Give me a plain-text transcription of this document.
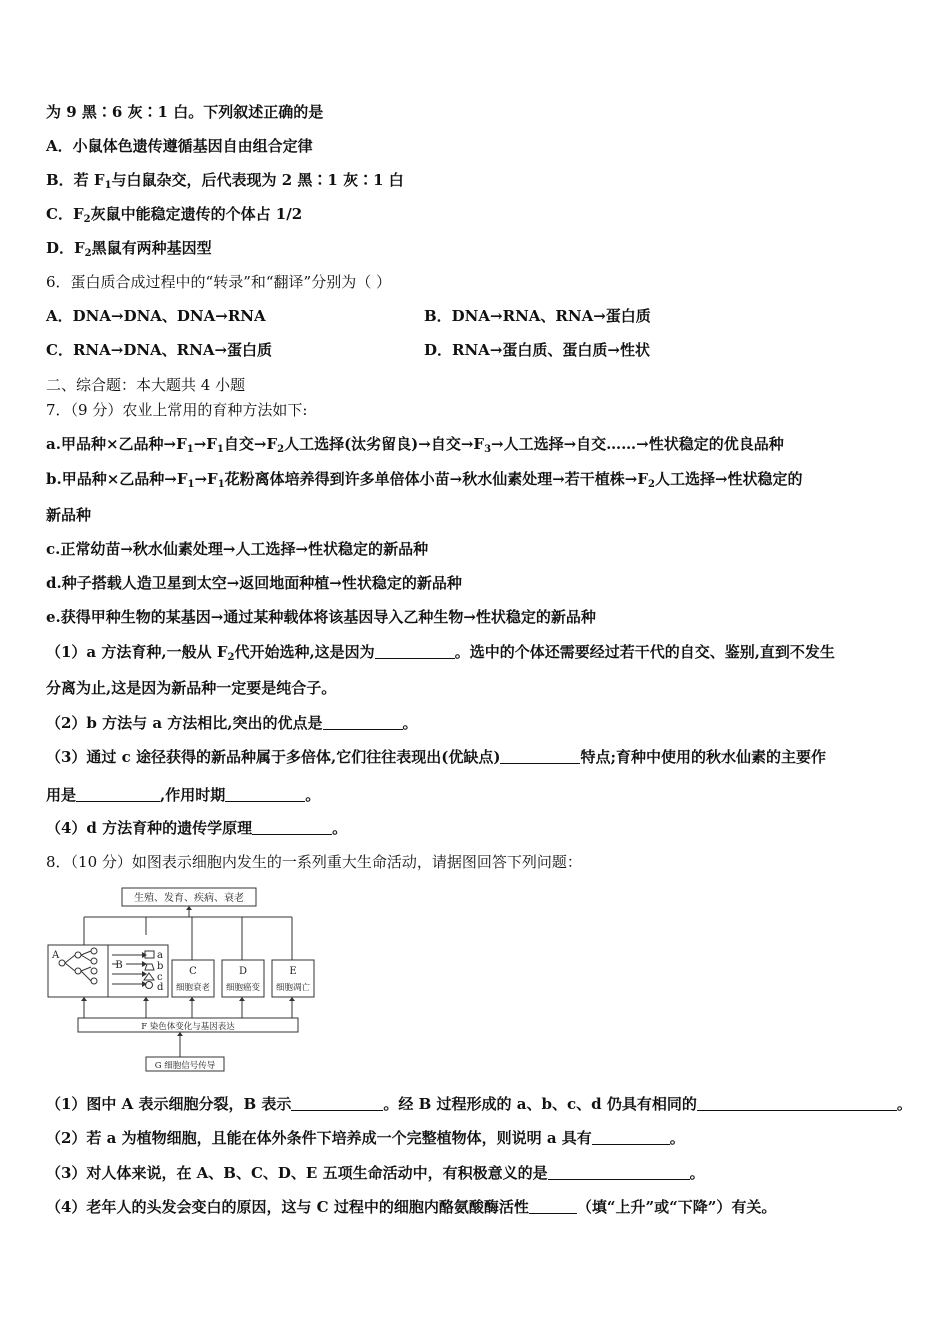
为 9 黑∶6 灰∶1 白。下列叙述正确的是
A．小鼠体色遗传遵循基因自由组合定律
B．若 $F_1$与白鼠杂交，后代表现为 2 黑∶1 灰∶1 白
C．$F_2$灰鼠中能稳定遗传的个体占 1/2
D．$F_2$黑鼠有两种基因型
6．蛋白质合成过程中的“转录”和“翻译”分别为（ ）
A．DNA→DNA、DNA→RNA	B．DNA→RNA、RNA→蛋白质
C．RNA→DNA、RNA→蛋白质	D．RNA→蛋白质、蛋白质→性状
二、综合题：本大题共 4 小题
7．（9 分）农业上常用的育种方法如下:
a.甲品种×乙品种$\to F_1\to F_1$自交$\to F_2$人工选择(汰劣留良)→自交$\to F_3\to$人工选择→自交……→性状稳定的优良品种
b.甲品种×乙品种$\to F_1\to F_1$花粉离体培养得到许多单倍体小苗→秋水仙素处理→若干植株$\to F_2$人工选择→性状稳定的
新品种
c.正常幼苗→秋水仙素处理→人工选择→性状稳定的新品种
d.种子搭载人造卫星到太空→返回地面种植→性状稳定的新品种
e.获得甲种生物的某基因→通过某种载体将该基因导入乙种生物→性状稳定的新品种
（1）a 方法育种,一般从 $F_2$代开始选种,这是因为	。选中的个体还需要经过若干代的自交、鉴别,直到不发生
分离为止,这是因为新品种一定要是纯合子。
（2）b 方法与 a 方法相比,突出的优点是	。
（3）通过 c 途径获得的新品种属于多倍体,它们往往表现出(优缺点)	特点;育种中使用的秋水仙素的主要作
用是	,作用时期	。
（4）d 方法育种的遗传学原理	。
8．（10 分）如图表示细胞内发生的一系列重大生命活动，请据图回答下列问题：
生殖、发育、疾病、衰老
A
B
a
b
c
d
C	D	E
细胞衰老 细胞癌变 细胞凋亡
F 染色体变化与基因表达
G 细胞信号传导
（1）图中 A 表示细胞分裂，B 表示	。经 B 过程形成的 a、b、c、d 仍具有相同的	。
（2）若 a 为植物细胞，且能在体外条件下培养成一个完整植物体，则说明 a 具有	。
（3）对人体来说，在 A、B、C、D、E 五项生命活动中，有积极意义的是	。
（4）老年人的头发会变白的原因，这与 C 过程中的细胞内酪氨酸酶活性	（填“上升”或“下降”）有关。
